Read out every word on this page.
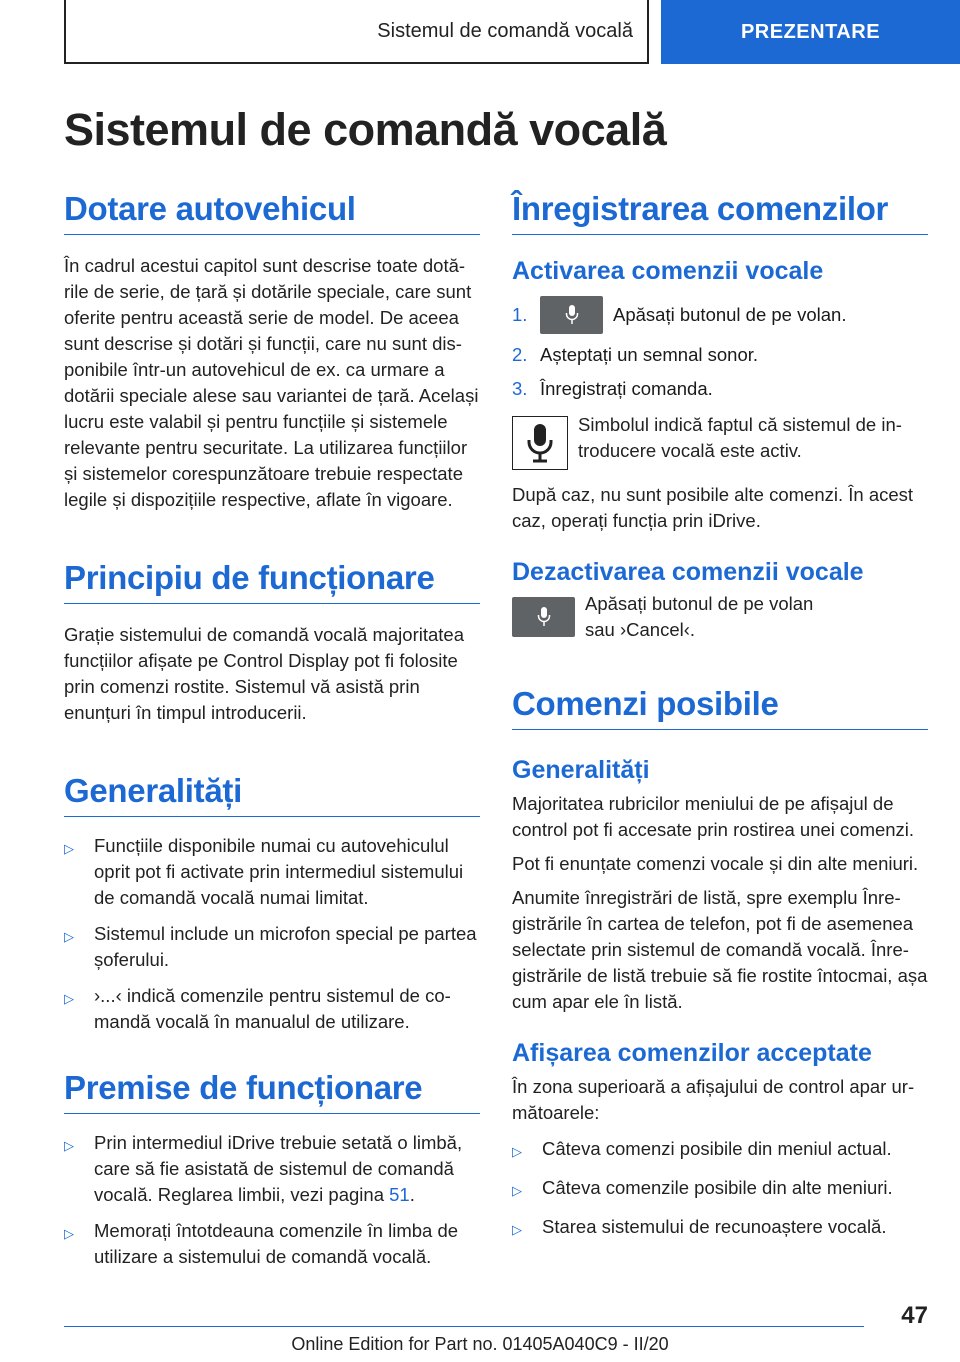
Sistemul de comandă vocală	PREZENTARE
Sistemul de comandă vocală
Dotare autovehicul

În cadrul acestui capitol sunt descrise toate dotările de serie, de țară și dotările speciale, care sunt oferite pentru această serie de model. De aceea sunt descrise și dotări și funcții, care nu sunt disponibile într-un autovehicul de ex. ca urmare a dotării speciale alese sau variantei de țară. Același lucru este valabil și pentru funcțiile și sistemele relevante pentru securitate. La utilizarea funcțiilor și sistemelor corespunzătoare trebuie respectate legile și dispozițiile respective, aflate în vigoare.

Principiu de funcționare

Grație sistemului de comandă vocală majoritatea funcțiilor afișate pe Control Display pot fi folosite prin comenzi rostite. Sistemul vă asistă prin enunțuri în timpul introducerii.

Generalități
▷	Funcțiile disponibile numai cu autovehiculul oprit pot fi activate prin intermediul sistemului de comandă vocală numai limitat.
▷	Sistemul include un microfon special pe partea șoferului.
▷	›...‹ indică comenzile pentru sistemul de comandă vocală în manualul de utilizare.
Premise de funcționare
▷	Prin intermediul iDrive trebuie setată o limbă, care să fie asistată de sistemul de comandă vocală. Reglarea limbii, vezi pagina 51.
▷	Memorați întotdeauna comenzile în limba de utilizare a sistemului de comandă vocală.
Înregistrarea comenzilor
Activarea comenzii vocale
1.	Apăsați butonul de pe volan.
2. Așteptați un semnal sonor.
3. Înregistrați comanda.

Simbolul indică faptul că sistemul de introducere vocală este activ.

După caz, nu sunt posibile alte comenzi. În acest caz, operați funcția prin iDrive.

Dezactivarea comenzii vocale

Apăsați butonul de pe volan sau ›Cancel‹.

Comenzi posibile
Generalități

Majoritatea rubricilor meniului de pe afișajul de control pot fi accesate prin rostirea unei comenzi.

Pot fi enunțate comenzi vocale și din alte meniuri.

Anumite înregistrări de listă, spre exemplu Înregistrările în cartea de telefon, pot fi de asemenea selectate prin sistemul de comandă vocală. Înregistrările de listă trebuie să fie rostite întocmai, așa cum apar ele în listă.

Afișarea comenzilor acceptate

În zona superioară a afișajului de control apar următoarele:

▷	Câteva comenzi posibile din meniul actual.
▷	Câteva comenzile posibile din alte meniuri.
▷	Starea sistemului de recunoaștere vocală.
47
Online Edition for Part no. 01405A040C9 - II/20
